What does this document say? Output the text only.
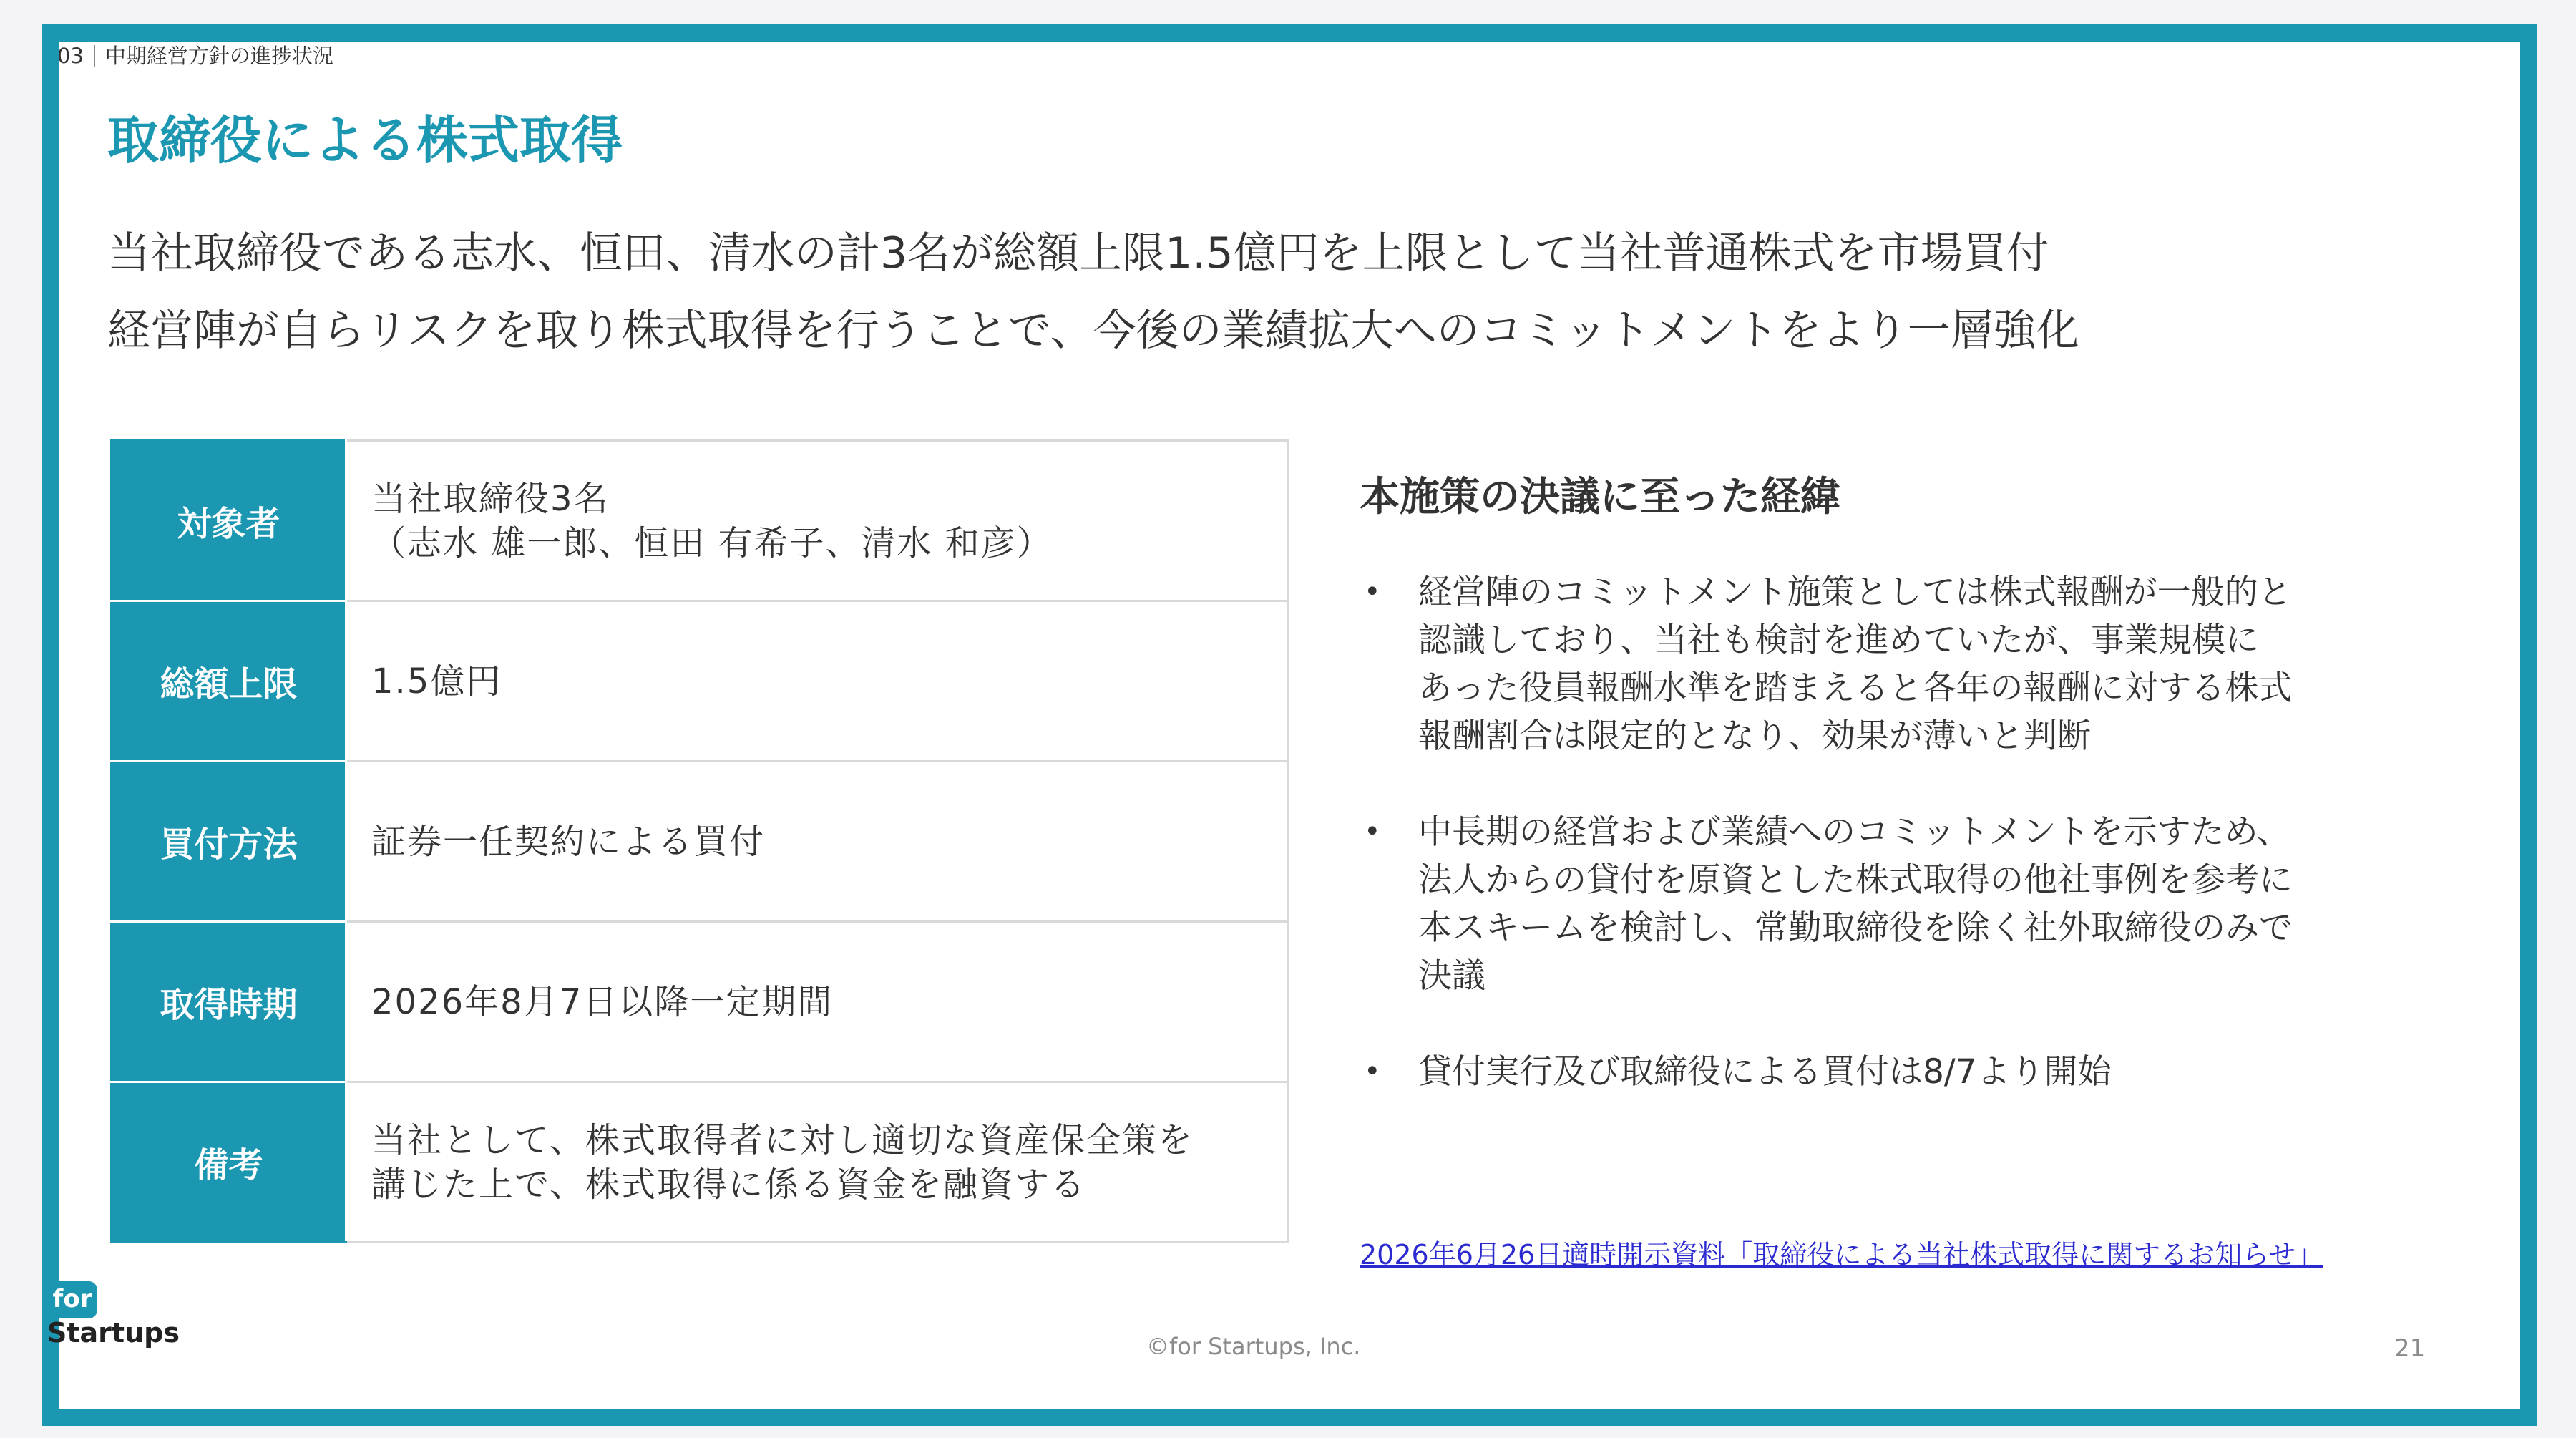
03 中期経営方針の進捗状況
取締役による株式取得
当社取締役である志水、恒田、清水の計3名が総額上限1.5億円を上限として当社普通株式を市場買付
経営陣が自らリスクを取り株式取得を行うことで、今後の業績拡大へのコミットメントをより一層強化
対象者	当社取締役3名
（志水 雄一郎、恒田 有希子、清水 和彦）

総額上限	1.5億円

買付方法	証券一任契約による買付

取得時期	2026年8月7日以降一定期間

備考	当社として、株式取得者に対し適切な資産保全策を
講じた上で、株式取得に係る資金を融資する
本施策の決議に至った経緯
• 経営陣のコミットメント施策としては株式報酬が一般的と
認識しており、当社も検討を進めていたが、事業規模に
あった役員報酬水準を踏まえると各年の報酬に対する株式
報酬割合は限定的となり、効果が薄いと判断
• 中長期の経営および業績へのコミットメントを示すため、
法人からの貸付を原資とした株式取得の他社事例を参考に
本スキームを検討し、常勤取締役を除く社外取締役のみで
決議
• 貸付実行及び取締役による買付は8/7より開始
2026年6月26日適時開示資料「取締役による当社株式取得に関するお知らせ」
for
Startups	©for Startups, Inc.	21
